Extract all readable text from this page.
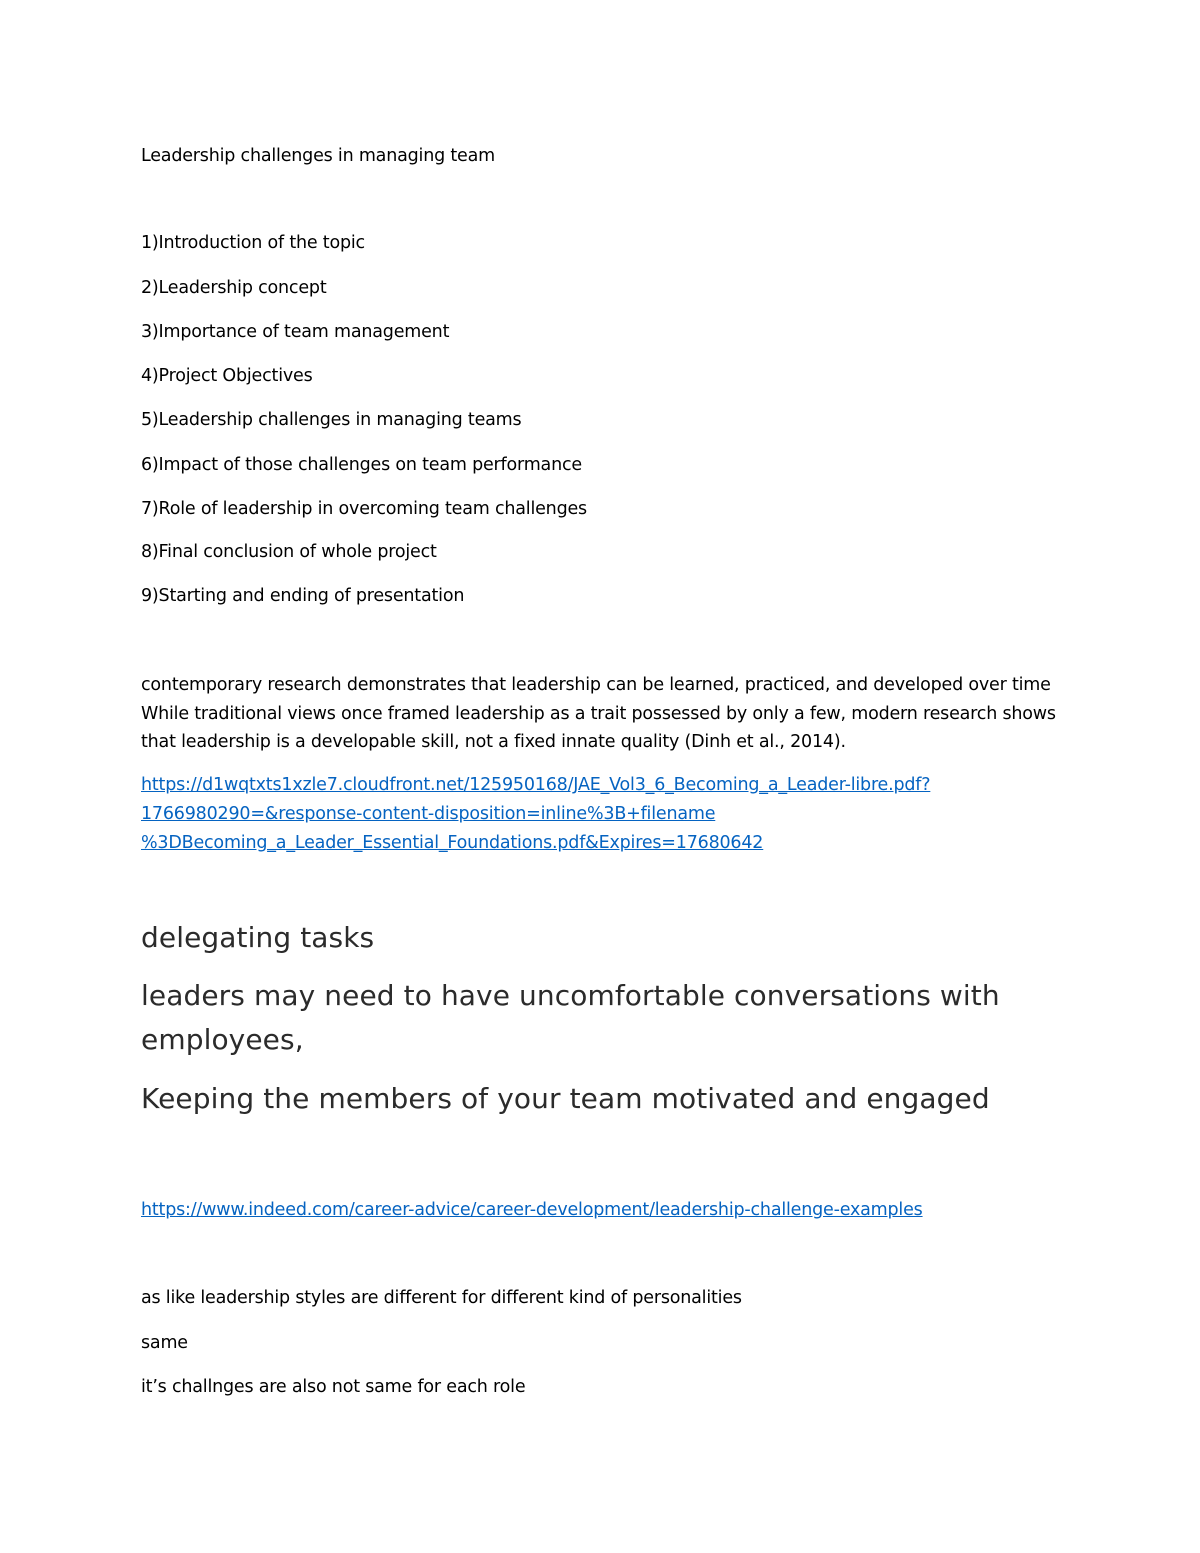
Leadership challenges in managing team
1)Introduction of the topic
2)Leadership concept
3)Importance of team management
4)Project Objectives
5)Leadership challenges in managing teams
6)Impact of those challenges on team performance
7)Role of leadership in overcoming team challenges
8)Final conclusion of whole project
9)Starting and ending of presentation
contemporary research demonstrates that leadership can be learned, practiced, and developed over time While traditional views once framed leadership as a trait possessed by only a few, modern research shows that leadership is a developable skill, not a fixed innate quality (Dinh et al., 2014).
https://d1wqtxts1xzle7.cloudfront.net/125950168/JAE_Vol3_6_Becoming_a_Leader-libre.pdf?
1766980290=&response-content-disposition=inline%3B+filename
%3DBecoming_a_Leader_Essential_Foundations.pdf&Expires=17680642
delegating tasks
leaders may need to have uncomfortable conversations with employees,
Keeping the members of your team motivated and engaged
https://www.indeed.com/career-advice/career-development/leadership-challenge-examples
as like leadership styles are different for different kind of personalities
same
it’s challnges are also not same for each role
